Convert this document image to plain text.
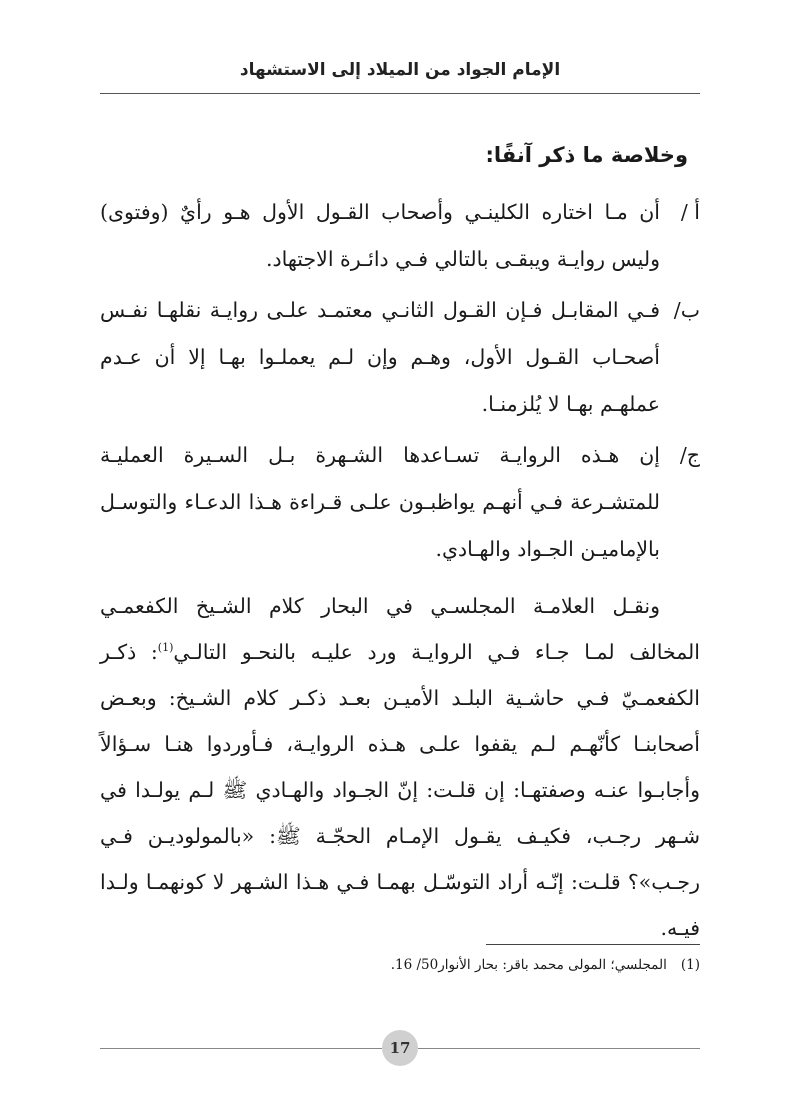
الإمام الجواد من الميلاد إلى الاستشهاد
وخلاصة ما ذكر آنفًا:
أ /
أن مـا اختاره الكلينـي وأصحاب القـول الأول هـو رأيٌ (وفتوى) وليس روايـة ويبقـى بالتالي فـي دائـرة الاجتهاد.
ب/
فـي المقابـل فـإن القـول الثانـي معتمـد علـى روايـة نقلهـا نفـس أصحـاب القـول الأول، وهـم وإن لـم يعملـوا بهـا إلا أن عـدم عملهـم بهـا لا يُلزمنـا.
ج/
إن هـذه الروايـة تسـاعدها الشـهرة بـل السـيرة العمليـة للمتشـرعة فـي أنهـم يواظبـون علـى قـراءة هـذا الدعـاء والتوسـل بالإماميـن الجـواد والهـادي.

ونقـل العلامـة المجلسـي في البحار كلام الشـيخ الكفعمـي المخالف لمـا جـاء فـي الروايـة ورد عليـه بالنحـو التالـي$^{(1)}$: ذكـر الكفعمـيّ فـي حاشـية البلـد الأميـن بعـد ذكـر كلام الشـيخ: وبعـض أصحابنـا كأنّهـم لـم يقفوا علـى هـذه الروايـة، فـأوردوا هنـا سـؤالاً وأجابـوا عنـه وصفتهـا: إن قلـت: إنّ الجـواد والهـادي ﷺ لـم يولـدا في شـهر رجـب، فكيـف يقـول الإمـام الحجّـة ﷺ: «بالمولوديـن فـي رجـب»؟ قلـت: إنّـه أراد التوسّـل بهمـا فـي هـذا الشـهر لا كونهمـا ولـدا فيـه.

(1)المجلسي؛ المولى محمد باقر: بحار الأنوار50/ 16.
17
